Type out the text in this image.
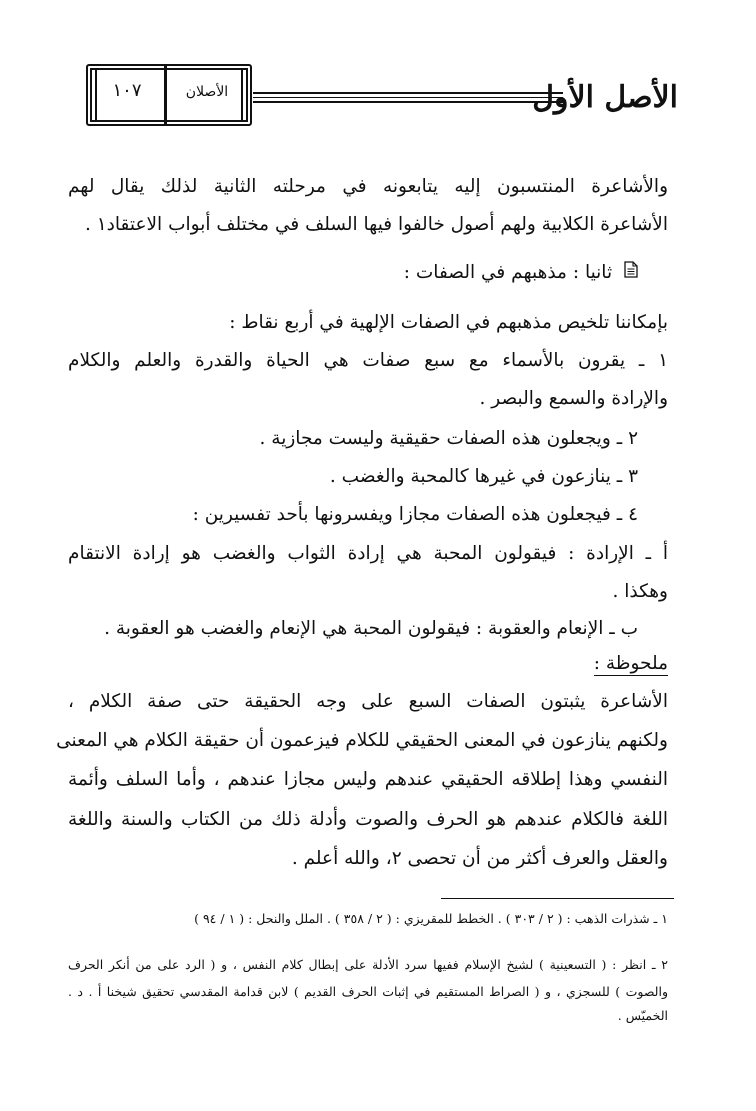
الأصل الأول
١٠٧	الأصلان
والأشاعرة المنتسبون إليه يتابعونه في مرحلته الثانية لذلك يقال لهم
الأشاعرة الكلابية ولهم أصول خالفوا فيها السلف في مختلف أبواب الاعتقاد١ .
ثانيا : مذهبهم في الصفات :
بإمكاننا تلخيص مذهبهم في الصفات الإلهية في أربع نقاط :
١ ـ يقرون بالأسماء مع سبع صفات هي الحياة والقدرة والعلم والكلام
والإرادة والسمع والبصر .
٢ ـ ويجعلون هذه الصفات حقيقية وليست مجازية .
٣ ـ ينازعون في غيرها كالمحبة والغضب .
٤ ـ فيجعلون هذه الصفات مجازا ويفسرونها بأحد تفسيرين :
أ ـ الإرادة : فيقولون المحبة هي إرادة الثواب والغضب هو إرادة الانتقام
وهكذا .
ب ـ الإنعام والعقوبة : فيقولون المحبة هي الإنعام والغضب هو العقوبة .
ملحوظة :
الأشاعرة يثبتون الصفات السبع على وجه الحقيقة حتى صفة الكلام ،
ولكنهم ينازعون في المعنى الحقيقي للكلام فيزعمون أن حقيقة الكلام هي المعنى
النفسي وهذا إطلاقه الحقيقي عندهم وليس مجازا عندهم ، وأما السلف وأئمة
اللغة فالكلام عندهم هو الحرف والصوت وأدلة ذلك من الكتاب والسنة واللغة
والعقل والعرف أكثر من أن تحصى ٢، والله أعلم .
١ ـ شذرات الذهب : ( ٢ / ٣٠٣ ) . الخطط للمقريزي : ( ٢ / ٣٥٨ ) . الملل والنحل : ( ١ / ٩٤ )
٢ ـ انظر : ( التسعينية ) لشيخ الإسلام ففيها سرد الأدلة على إبطال كلام النفس ، و ( الرد على من أنكر الحرف
والصوت ) للسجزي ، و ( الصراط المستقيم في إثبات الحرف القديم ) لابن قدامة المقدسي تحقيق شيخنا أ . د .
الخميّس .
